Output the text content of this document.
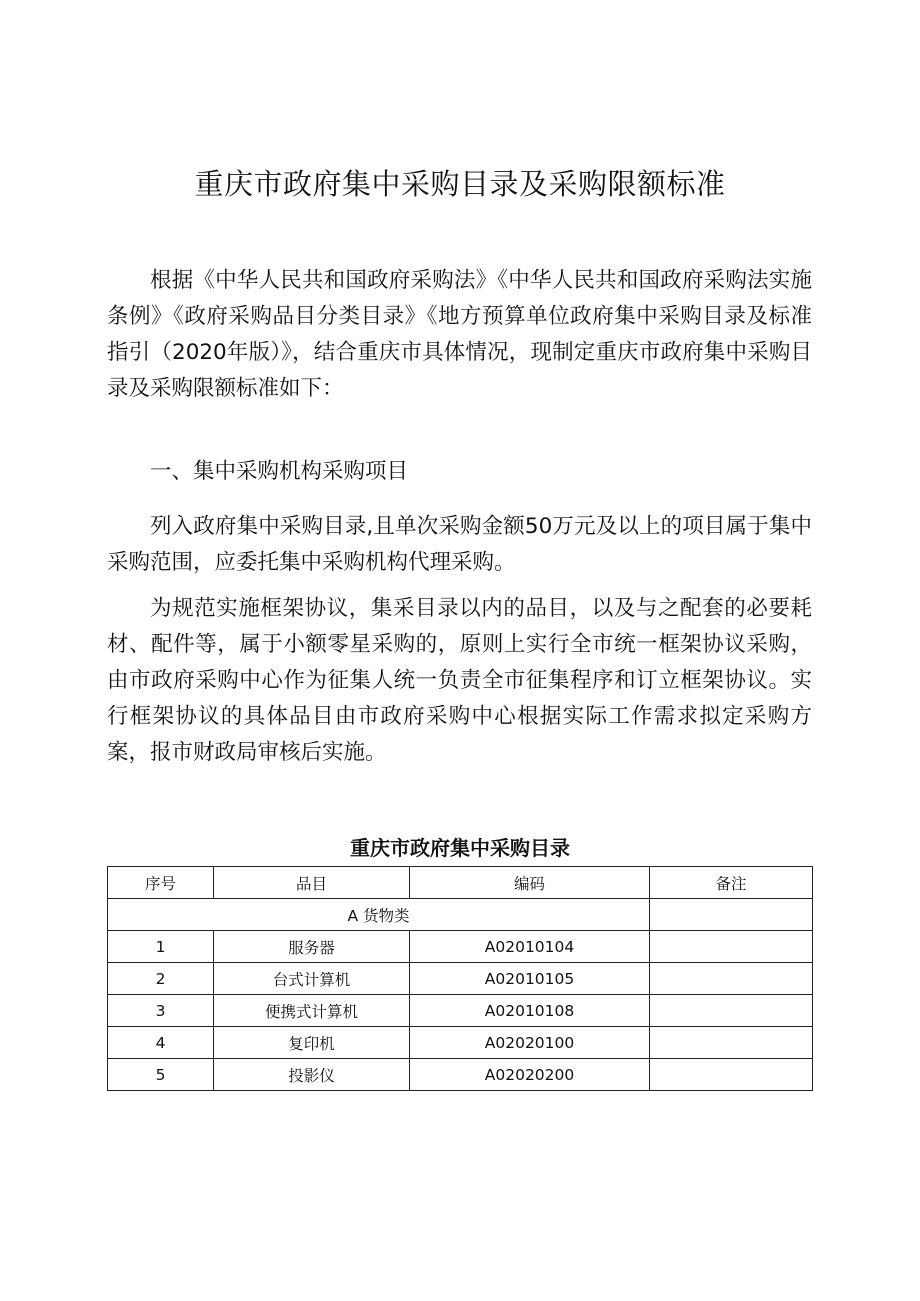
重庆市政府集中采购目录及采购限额标准

根据《中华人民共和国政府采购法》《中华人民共和国政府采购法实施条例》《政府采购品目分类目录》《地方预算单位政府集中采购目录及标准指引（2020年版）》，结合重庆市具体情况，现制定重庆市政府集中采购目录及采购限额标准如下：

一、集中采购机构采购项目

列入政府集中采购目录,且单次采购金额50万元及以上的项目属于集中采购范围，应委托集中采购机构代理采购。

为规范实施框架协议，集采目录以内的品目，以及与之配套的必要耗材、配件等，属于小额零星采购的，原则上实行全市统一框架协议采购，由市政府采购中心作为征集人统一负责全市征集程序和订立框架协议。实行框架协议的具体品目由市政府采购中心根据实际工作需求拟定采购方案，报市财政局审核后实施。

重庆市政府集中采购目录
序号	品目	编码	备注
A 货物类			
1	服务器	A02010104	
2	台式计算机	A02010105	
3	便携式计算机	A02010108	
4	复印机	A02020100	
5	投影仪	A02020200	
